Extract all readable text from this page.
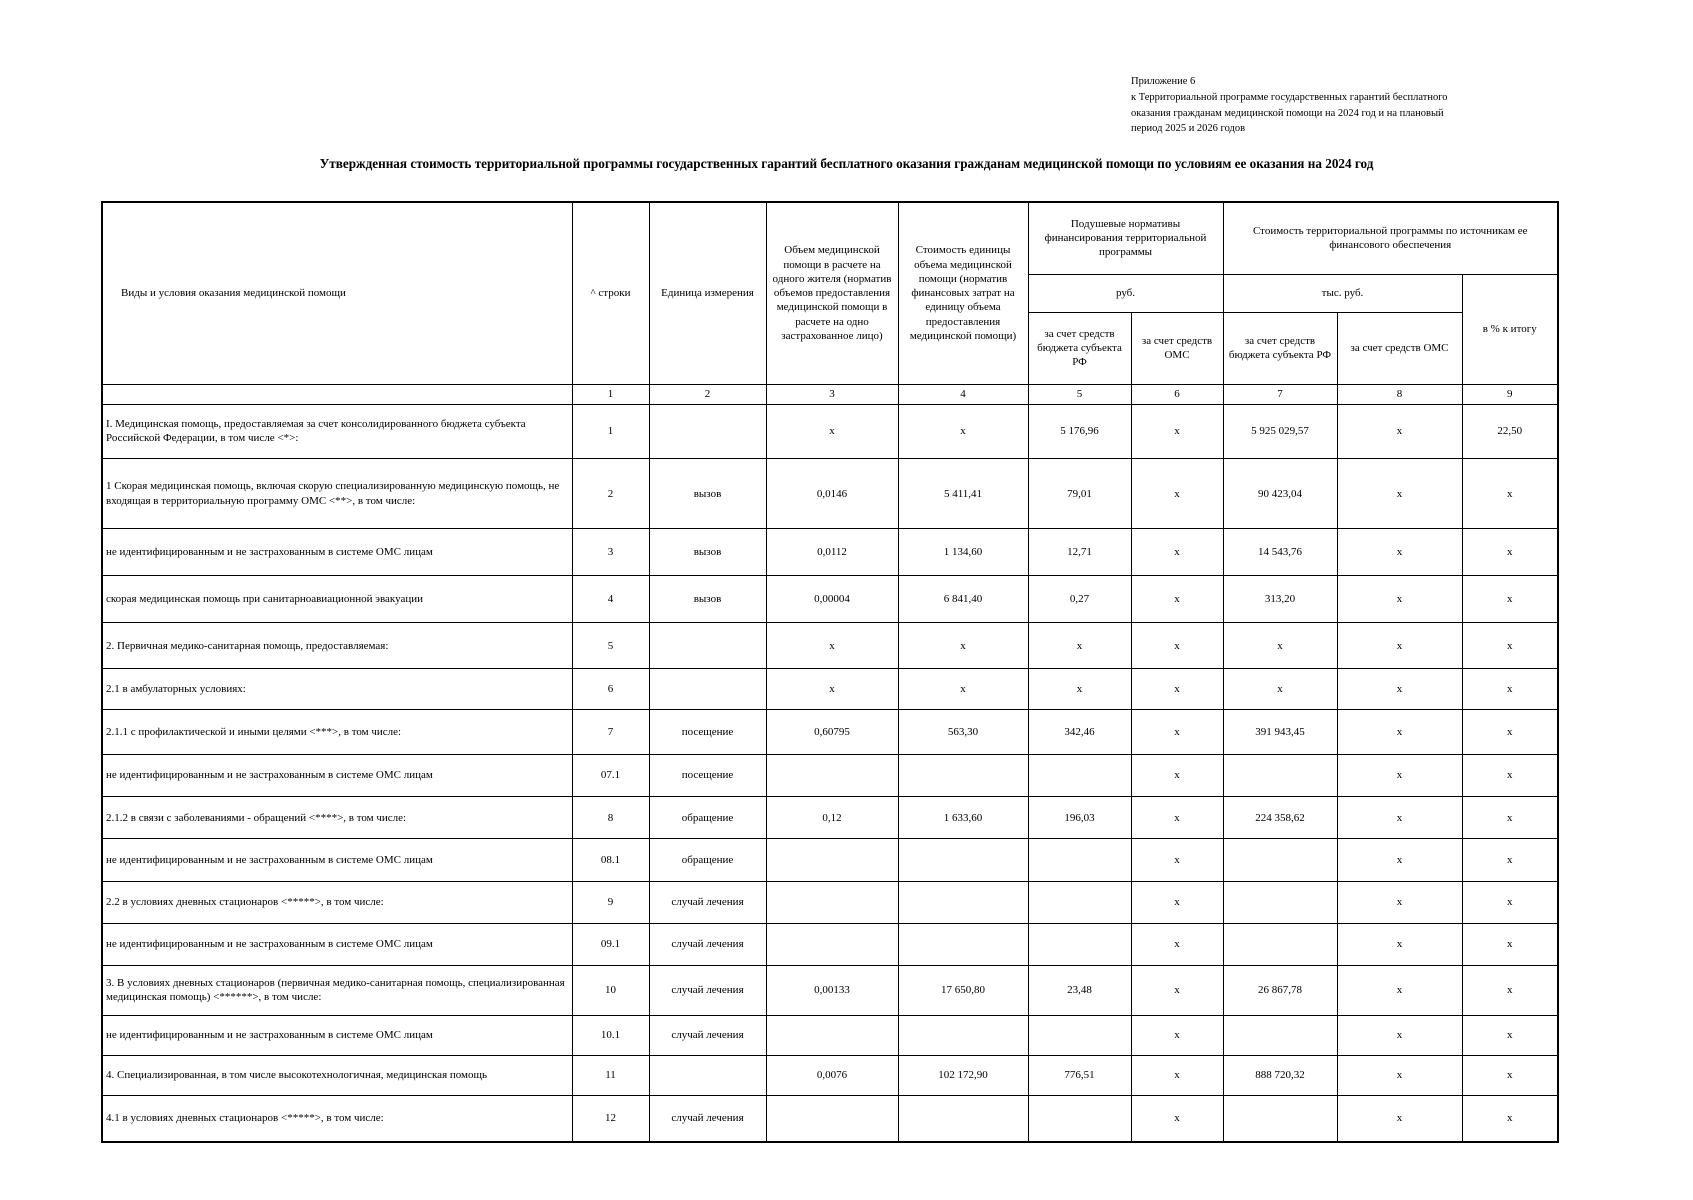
Приложение 6
к Территориальной программе государственных гарантий бесплатного
оказания гражданам медицинской помощи на 2024 год и на плановый
период 2025 и 2026 годов
Утвержденная стоимость территориальной программы государственных гарантий бесплатного оказания гражданам медицинской помощи по условиям ее оказания на 2024 год
Виды и условия оказания медицинской помощи	^ строки	Единица измерения	Объем медицинской помощи в расчете на одного жителя (норматив объемов предоставления медицинской помощи в расчете на одно застрахованное лицо)	Стоимость единицы объема медицинской помощи (норматив финансовых затрат на единицу объема предоставления медицинской помощи)	Подушевые нормативы финансирования территориальной программы		Стоимость территориальной программы по источникам ее финансового обеспечения		
					руб.		тыс. руб.		в % к итогу
					за счет средств бюджета субъекта РФ	за счет средств ОМС	за счет средств бюджета субъекта РФ	за счет средств ОМС	
	1	2	3	4	5	6	7	8	9
I. Медицинская помощь, предоставляемая за счет консолидированного бюджета субъекта Российской Федерации, в том числе <*>:	1		x	x	5 176,96	x	5 925 029,57	x	22,50
1 Скорая медицинская помощь, включая скорую специализированную медицинскую помощь, не входящая в территориальную программу ОМС <**>, в том числе:	2	вызов	0,0146	5 411,41	79,01	x	90 423,04	x	x
не идентифицированным и не застрахованным в системе ОМС лицам	3	вызов	0,0112	1 134,60	12,71	x	14 543,76	x	x
скорая медицинская помощь при санитарноавиационной эвакуации	4	вызов	0,00004	6 841,40	0,27	x	313,20	x	x
2. Первичная медико-санитарная помощь, предоставляемая:	5		x	x	x	x	x	x	x
2.1 в амбулаторных условиях:	6		x	x	x	x	x	x	x
2.1.1 с профилактической и иными целями <***>, в том числе:	7	посещение	0,60795	563,30	342,46	x	391 943,45	x	x
не идентифицированным и не застрахованным в системе ОМС лицам	07.1	посещение				x		x	x
2.1.2 в связи с заболеваниями - обращений <****>, в том числе:	8	обращение	0,12	1 633,60	196,03	x	224 358,62	x	x
не идентифицированным и не застрахованным в системе ОМС лицам	08.1	обращение				x		x	x
2.2 в условиях дневных стационаров <*****>, в том числе:	9	случай лечения				x		x	x
не идентифицированным и не застрахованным в системе ОМС лицам	09.1	случай лечения				x		x	x
3. В условиях дневных стационаров (первичная медико-санитарная помощь, специализированная медицинская помощь) <******>, в том числе:	10	случай лечения	0,00133	17 650,80	23,48	x	26 867,78	x	x
не идентифицированным и не застрахованным в системе ОМС лицам	10.1	случай лечения				x		x	x
4. Специализированная, в том числе высокотехнологичная, медицинская помощь	11		0,0076	102 172,90	776,51	x	888 720,32	x	x
4.1 в условиях дневных стационаров <*****>, в том числе:	12	случай лечения				x		x	x
